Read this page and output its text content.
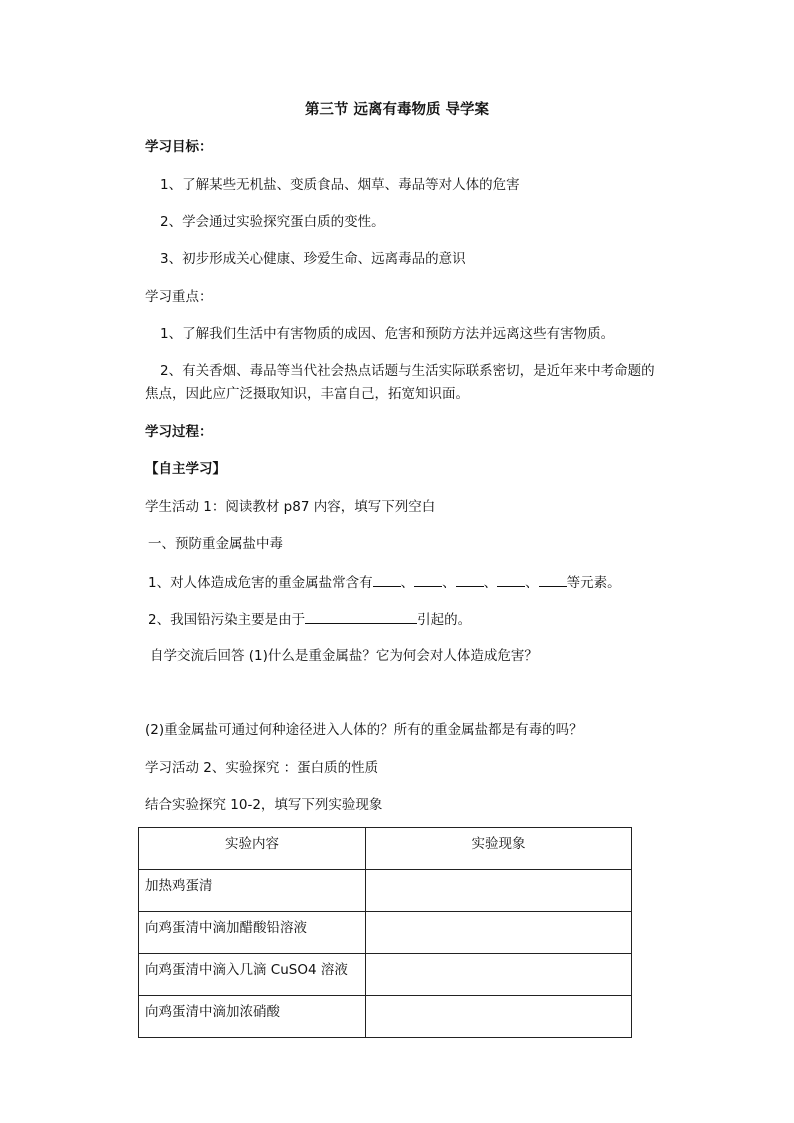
第三节 远离有毒物质 导学案
学习目标：
1、了解某些无机盐、变质食品、烟草、毒品等对人体的危害
2、学会通过实验探究蛋白质的变性。
3、初步形成关心健康、珍爱生命、远离毒品的意识
学习重点：
1、了解我们生活中有害物质的成因、危害和预防方法并远离这些有害物质。
2、有关香烟、毒品等当代社会热点话题与生活实际联系密切，是近年来中考命题的
焦点，因此应广泛摄取知识，丰富自己，拓宽知识面。
学习过程：
【自主学习】
学生活动 1：阅读教材 p87 内容，填写下列空白
一、预防重金属盐中毒
1、对人体造成危害的重金属盐常含有 、 、 、 、 等元素。
2、我国铅污染主要是由于	引起的。
自学交流后回答 (1)什么是重金属盐？它为何会对人体造成危害？
(2)重金属盐可通过何种途径进入人体的？所有的重金属盐都是有毒的吗？
学习活动 2、实验探究 ：蛋白质的性质
结合实验探究 10-2，填写下列实验现象
实验内容	实验现象
加热鸡蛋清	
向鸡蛋清中滴加醋酸铅溶液	
向鸡蛋清中滴入几滴 CuSO4 溶液	
向鸡蛋清中滴加浓硝酸	
